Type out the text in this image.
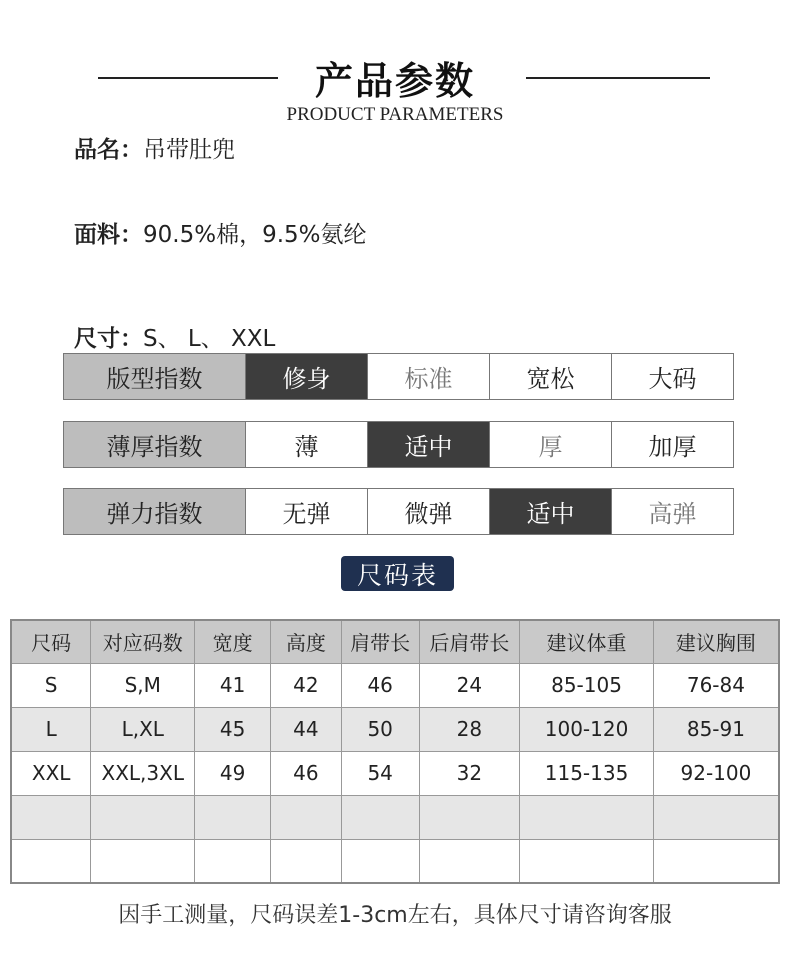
产品参数
PRODUCT PARAMETERS
品名：吊带肚兜
面料：90.5%棉，9.5%氨纶
尺寸：S、 L、 XXL
版型指数	修身	标准	宽松	大码
薄厚指数	薄	适中	厚	加厚
弹力指数	无弹	微弹	适中	高弹
尺码表
尺码	对应码数	宽度	高度	肩带长	后肩带长	建议体重	建议胸围
S	S,M	41	42	46	24	85-105	76-84
L	L,XL	45	44	50	28	100-120	85-91
XXL	XXL,3XL	49	46	54	32	115-135	92-100

因手工测量，尺码误差1-3cm左右，具体尺寸请咨询客服
